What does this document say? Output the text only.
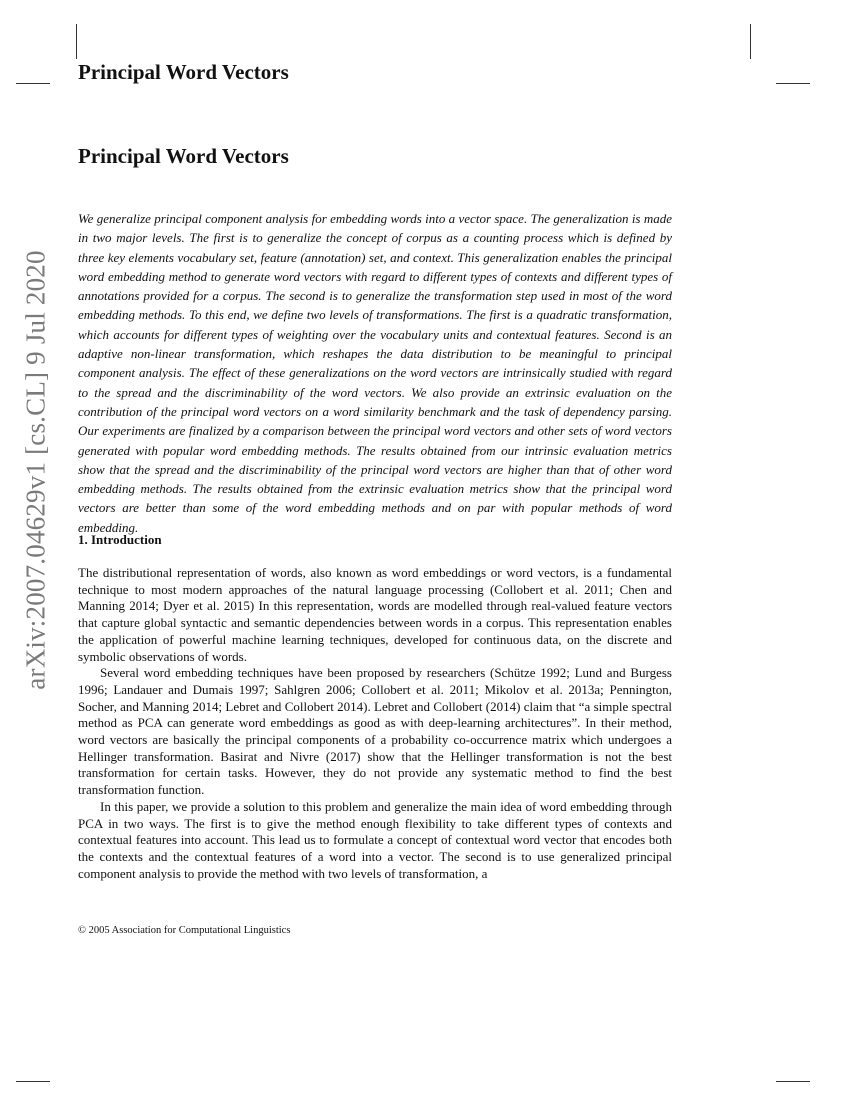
arXiv:2007.04629v1 [cs.CL] 9 Jul 2020
Principal Word Vectors
Principal Word Vectors

We generalize principal component analysis for embedding words into a vector space. The generalization is made in two major levels. The first is to generalize the concept of corpus as a counting process which is defined by three key elements vocabulary set, feature (annotation) set, and context. This generalization enables the principal word embedding method to generate word vectors with regard to different types of contexts and different types of annotations provided for a corpus. The second is to generalize the transformation step used in most of the word embedding methods. To this end, we define two levels of transformations. The first is a quadratic transformation, which accounts for different types of weighting over the vocabulary units and contextual features. Second is an adaptive non-linear transformation, which reshapes the data distribution to be meaningful to principal component analysis. The effect of these generalizations on the word vectors are intrinsically studied with regard to the spread and the discriminability of the word vectors. We also provide an extrinsic evaluation on the contribution of the principal word vectors on a word similarity benchmark and the task of dependency parsing. Our experiments are finalized by a comparison between the principal word vectors and other sets of word vectors generated with popular word embedding methods. The results obtained from our intrinsic evaluation metrics show that the spread and the discriminability of the principal word vectors are higher than that of other word embedding methods. The results obtained from the extrinsic evaluation metrics show that the principal word vectors are better than some of the word embedding methods and on par with popular methods of word embedding.

1. Introduction

The distributional representation of words, also known as word embeddings or word vectors, is a fundamental technique to most modern approaches of the natural language processing (Collobert et al. 2011; Chen and Manning 2014; Dyer et al. 2015) In this representation, words are modelled through real-valued feature vectors that capture global syntactic and semantic dependencies between words in a corpus. This representation enables the application of powerful machine learning techniques, developed for continuous data, on the discrete and symbolic observations of words.

Several word embedding techniques have been proposed by researchers (Schütze 1992; Lund and Burgess 1996; Landauer and Dumais 1997; Sahlgren 2006; Collobert et al. 2011; Mikolov et al. 2013a; Pennington, Socher, and Manning 2014; Lebret and Collobert 2014). Lebret and Collobert (2014) claim that “a simple spectral method as PCA can generate word embeddings as good as with deep-learning architectures”. In their method, word vectors are basically the principal components of a probability co-occurrence matrix which undergoes a Hellinger transformation. Basirat and Nivre (2017) show that the Hellinger transformation is not the best transformation for certain tasks. However, they do not provide any systematic method to find the best transformation function.

In this paper, we provide a solution to this problem and generalize the main idea of word embedding through PCA in two ways. The first is to give the method enough flexibility to take different types of contexts and contextual features into account. This lead us to formulate a concept of contextual word vector that encodes both the contexts and the contextual features of a word into a vector. The second is to use generalized principal component analysis to provide the method with two levels of transformation, a

© 2005 Association for Computational Linguistics
